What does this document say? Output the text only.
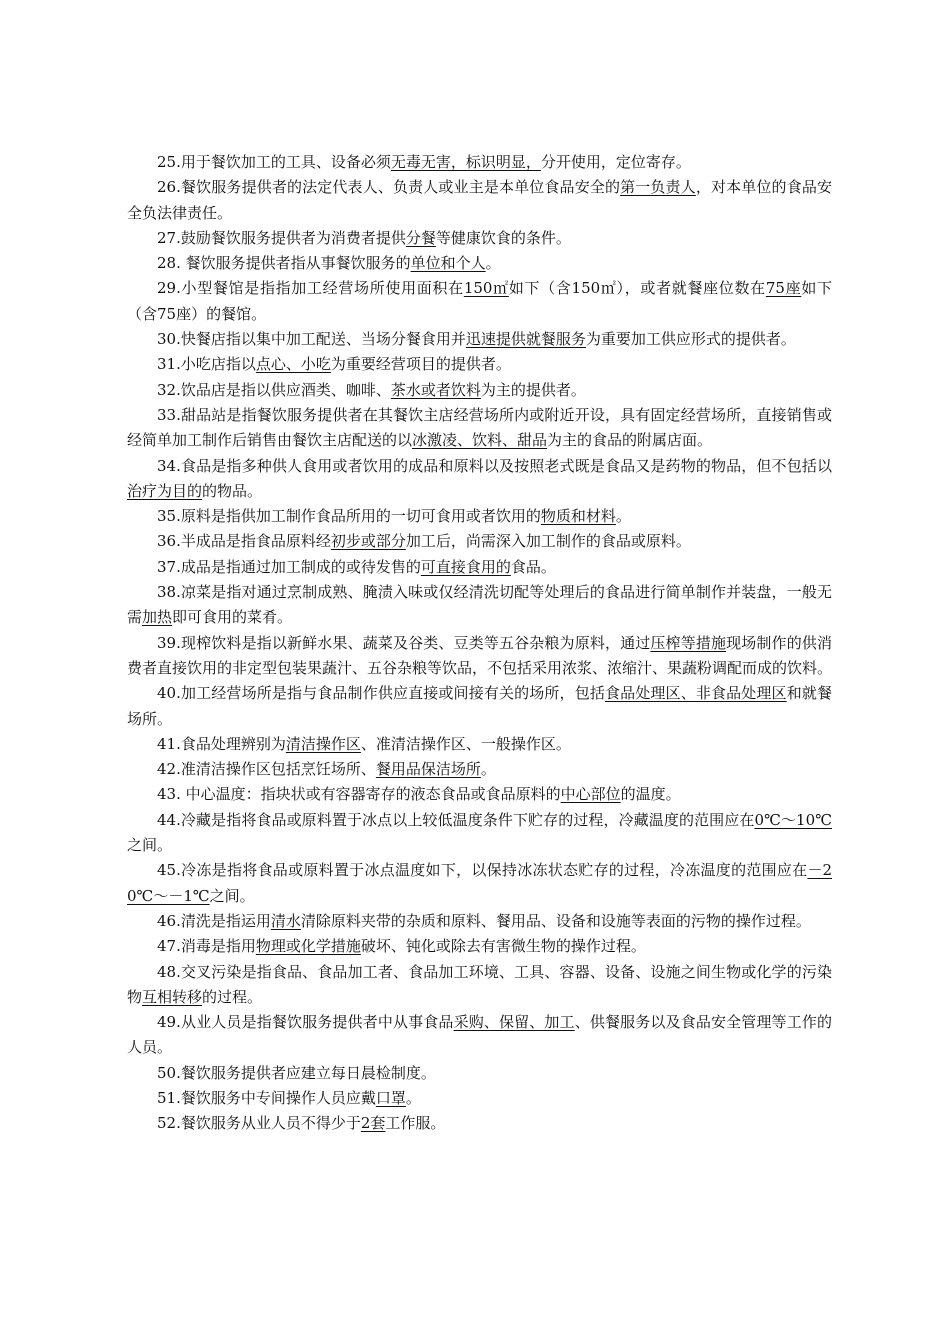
25.用于餐饮加工的工具、设备必须无毒无害，标识明显，分开使用，定位寄存。

26.餐饮服务提供者的法定代表人、负责人或业主是本单位食品安全的第一负责人，对本单位的食品安全负法律责任。

27.鼓励餐饮服务提供者为消费者提供分餐等健康饮食的条件。

28. 餐饮服务提供者指从事餐饮服务的单位和个人。

29.小型餐馆是指指加工经营场所使用面积在150㎡如下（含150㎡），或者就餐座位数在75座如下（含75座）的餐馆。

30.快餐店指以集中加工配送、当场分餐食用并迅速提供就餐服务为重要加工供应形式的提供者。

31.小吃店指以点心、小吃为重要经营项目的提供者。

32.饮品店是指以供应酒类、咖啡、茶水或者饮料为主的提供者。

33.甜品站是指餐饮服务提供者在其餐饮主店经营场所内或附近开设，具有固定经营场所，直接销售或经简单加工制作后销售由餐饮主店配送的以冰激凌、饮料、甜品为主的食品的附属店面。

34.食品是指多种供人食用或者饮用的成品和原料以及按照老式既是食品又是药物的物品，但不包括以治疗为目的的物品。

35.原料是指供加工制作食品所用的一切可食用或者饮用的物质和材料。

36.半成品是指食品原料经初步或部分加工后，尚需深入加工制作的食品或原料。

37.成品是指通过加工制成的或待发售的可直接食用的食品。

38.凉菜是指对通过烹制成熟、腌渍入味或仅经清洗切配等处理后的食品进行简单制作并装盘，一般无需加热即可食用的菜肴。

39.现榨饮料是指以新鲜水果、蔬菜及谷类、豆类等五谷杂粮为原料，通过压榨等措施现场制作的供消费者直接饮用的非定型包装果蔬汁、五谷杂粮等饮品，不包括采用浓浆、浓缩汁、果蔬粉调配而成的饮料。

40.加工经营场所是指与食品制作供应直接或间接有关的场所，包括食品处理区、非食品处理区和就餐场所。

41.食品处理辨别为清洁操作区、准清洁操作区、一般操作区。

42.准清洁操作区包括烹饪场所、餐用品保洁场所。

43. 中心温度：指块状或有容器寄存的液态食品或食品原料的中心部位的温度。

44.冷藏是指将食品或原料置于冰点以上较低温度条件下贮存的过程，冷藏温度的范围应在0℃～10℃之间。

45.冷冻是指将食品或原料置于冰点温度如下，以保持冰冻状态贮存的过程，冷冻温度的范围应在－20℃～－1℃之间。

46.清洗是指运用清水清除原料夹带的杂质和原料、餐用品、设备和设施等表面的污物的操作过程。

47.消毒是指用物理或化学措施破坏、钝化或除去有害微生物的操作过程。

48.交叉污染是指食品、食品加工者、食品加工环境、工具、容器、设备、设施之间生物或化学的污染物互相转移的过程。

49.从业人员是指餐饮服务提供者中从事食品采购、保留、加工、供餐服务以及食品安全管理等工作的人员。

50.餐饮服务提供者应建立每日晨检制度。

51.餐饮服务中专间操作人员应戴口罩。

52.餐饮服务从业人员不得少于2套工作服。
